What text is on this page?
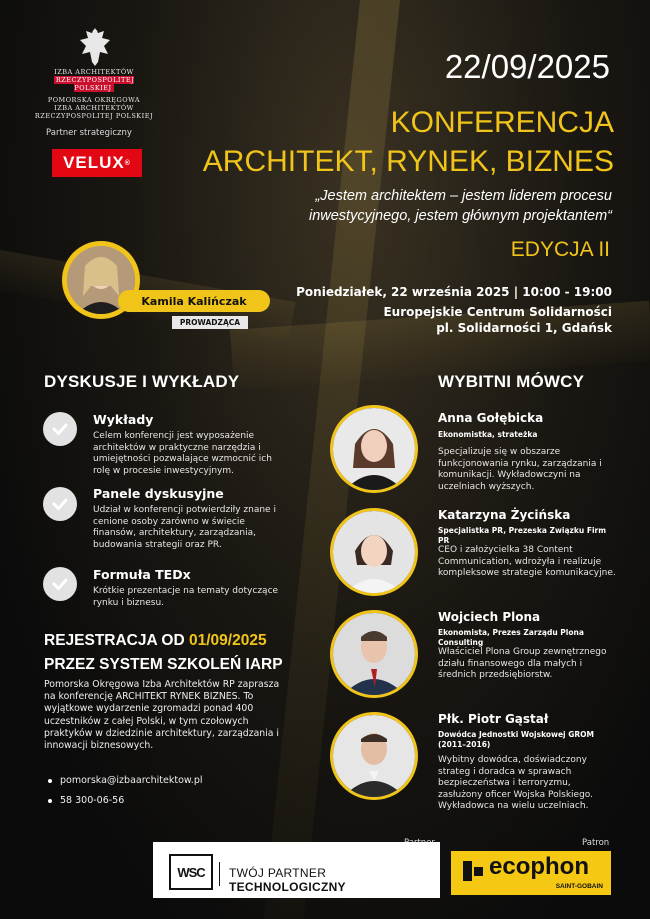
IZBA ARCHITEKTÓW
RZECZYPOSPOLITEJ POLSKIEJ
POMORSKA OKRĘGOWA
IZBA ARCHITEKTÓW
RZECZYPOSPOLITEJ POLSKIEJ
Partner strategiczny
VELUX ®
22/09/2025
KONFERENCJA
ARCHITEKT, RYNEK, BIZNES
„Jestem architektem – jestem liderem procesu
inwestycyjnego, jestem głównym projektantem“
EDYCJA II
Kamila Kalińczak
PROWADZĄCA
Poniedziałek, 22 września 2025 | 10:00 - 19:00
Europejskie Centrum Solidarności
pl. Solidarności 1, Gdańsk
DYSKUSJE I WYKŁADY
Wykłady
Celem konferencji jest wyposażenie architektów w praktyczne narzędzia i umiejętności pozwalające wzmocnić ich rolę w procesie inwestycyjnym.
Panele dyskusyjne
Udział w konferencji potwierdziły znane i cenione osoby zarówno w świecie finansów, architektury, zarządzania, budowania strategii oraz PR.
Formuła TEDx
Krótkie prezentacje na tematy dotyczące rynku i biznesu.
REJESTRACJA OD 01/09/2025
PRZEZ SYSTEM SZKOLEŃ IARP
Pomorska Okręgowa Izba Architektów RP zaprasza na konferencję ARCHITEKT RYNEK BIZNES. To wyjątkowe wydarzenie zgromadzi ponad 400 uczestników z całej Polski, w tym czołowych praktyków w dziedzinie architektury, zarządzania i innowacji biznesowych.
pomorska@izbaarchitektow.pl
58 300-06-56
WYBITNI MÓWCY
Anna Gołębicka
Ekonomistka, strateżka
Specjalizuje się w obszarze funkcjonowania rynku, zarządzania i komunikacji. Wykładowczyni na uczelniach wyższych.
Katarzyna Życińska
Specjalistka PR, Prezeska Związku Firm PR
CEO i założycielka 38 Content Communication, wdrożyła i realizuje kompleksowe strategie komunikacyjne.
Wojciech Plona
Ekonomista, Prezes Zarządu Plona Consulting
Właściciel Plona Group zewnętrznego działu finansowego dla małych i średnich przedsiębiorstw.
Płk. Piotr Gąstał
Dowódca Jednostki Wojskowej GROM (2011–2016)
Wybitny dowódca, doświadczony strateg i doradca w sprawach bezpieczeństwa i terroryzmu, zasłużony oficer Wojska Polskiego. Wykładowca na wielu uczelniach.
Patron
WSC	TWÓJ PARTNER TECHNOLOGICZNY
ecophon
SAINT-GOBAIN
